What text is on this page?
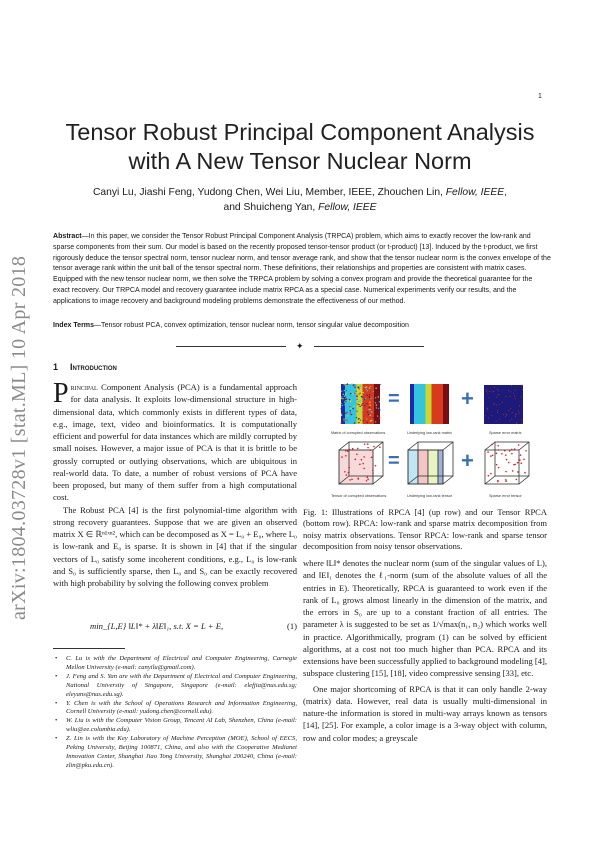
1
arXiv:1804.03728v1 [stat.ML] 10 Apr 2018
Tensor Robust Principal Component Analysis
with A New Tensor Nuclear Norm
Canyi Lu, Jiashi Feng, Yudong Chen, Wei Liu, Member, IEEE, Zhouchen Lin, Fellow, IEEE,
and Shuicheng Yan, Fellow, IEEE
Abstract—In this paper, we consider the Tensor Robust Principal Component Analysis (TRPCA) problem, which aims to exactly recover the low-rank and sparse components from their sum. Our model is based on the recently proposed tensor-tensor product (or t-product) [13]. Induced by the t-product, we first rigorously deduce the tensor spectral norm, tensor nuclear norm, and tensor average rank, and show that the tensor nuclear norm is the convex envelope of the tensor average rank within the unit ball of the tensor spectral norm. These definitions, their relationships and properties are consistent with matrix cases. Equipped with the new tensor nuclear norm, we then solve the TRPCA problem by solving a convex program and provide the theoretical guarantee for the exact recovery. Our TRPCA model and recovery guarantee include matrix RPCA as a special case. Numerical experiments verify our results, and the applications to image recovery and background modeling problems demonstrate the effectiveness of our method.
Index Terms—Tensor robust PCA, convex optimization, tensor nuclear norm, tensor singular value decomposition
✦
1 Introduction

Principal Component Analysis (PCA) is a fundamental approach for data analysis. It exploits low-dimensional structure in high-dimensional data, which commonly exists in different types of data, e.g., image, text, video and bioinformatics. It is computationally efficient and powerful for data instances which are mildly corrupted by small noises. However, a major issue of PCA is that it is brittle to be grossly corrupted or outlying observations, which are ubiquitous in real-world data. To date, a number of robust versions of PCA have been proposed, but many of them suffer from a high computational cost.

The Robust PCA [4] is the first polynomial-time algorithm with strong recovery guarantees. Suppose that we are given an observed matrix X ∈ ℝⁿ¹ˣⁿ², which can be decomposed as X = L₀ + E₀, where L₀ is low-rank and E₀ is sparse. It is shown in [4] that if the singular vectors of L₀ satisfy some incoherent conditions, e.g., L₀ is low-rank and S₀ is sufficiently sparse, then L₀ and S₀ can be exactly recovered with high probability by solving the following convex problem

min_{L,E} ‖L‖* + λ‖E‖₁, s.t. X = L + E,	(1)
• C. Lu is with the Department of Electrical and Computer Engineering, Carnegie Mellon University (e-mail: canyilu@gmail.com).
• J. Feng and S. Yan are with the Department of Electrical and Computer Engineering, National University of Singapore, Singapore (e-mail: elefjia@nus.edu.sg; eleyans@nus.edu.sg).
• Y. Chen is with the School of Operations Research and Information Engineering, Cornell University (e-mail: yudong.chen@cornell.edu).
• W. Liu is with the Computer Vision Group, Tencent AI Lab, Shenzhen, China (e-mail: wliu@ee.columbia.edu).
• Z. Lin is with the Key Laboratory of Machine Perception (MOE), School of EECS, Peking University, Beijing 100871, China, and also with the Cooperative Medianet Innovation Center, Shanghai Jiao Tong University, Shanghai 200240, China (e-mail: zlin@pku.edu.cn).
=	+
=	+
Matrix of corrupted observations	Underlying low-rank matrix	Sparse error matrix
Tensor of corrupted observations	Underlying low-rank tensor	Sparse error tensor
Fig. 1: Illustrations of RPCA [4] (up row) and our Tensor RPCA (bottom row). RPCA: low-rank and sparse matrix decomposition from noisy matrix observations. Tensor RPCA: low-rank and sparse tensor decomposition from noisy tensor observations.

where ‖L‖* denotes the nuclear norm (sum of the singular values of L), and ‖E‖₁ denotes the ℓ₁-norm (sum of the absolute values of all the entries in E). Theoretically, RPCA is guaranteed to work even if the rank of L₀ grows almost linearly in the dimension of the matrix, and the errors in S₀ are up to a constant fraction of all entries. The parameter λ is suggested to be set as 1/√max(n₁, n₂) which works well in practice. Algorithmically, program (1) can be solved by efficient algorithms, at a cost not too much higher than PCA. RPCA and its extensions have been successfully applied to background modeling [4], subspace clustering [15], [18], video compressive sensing [33], etc.

One major shortcoming of RPCA is that it can only handle 2-way (matrix) data. However, real data is usually multi-dimensional in nature-the information is stored in multi-way arrays known as tensors [14], [25]. For example, a color image is a 3-way object with column, row and color modes; a greyscale
